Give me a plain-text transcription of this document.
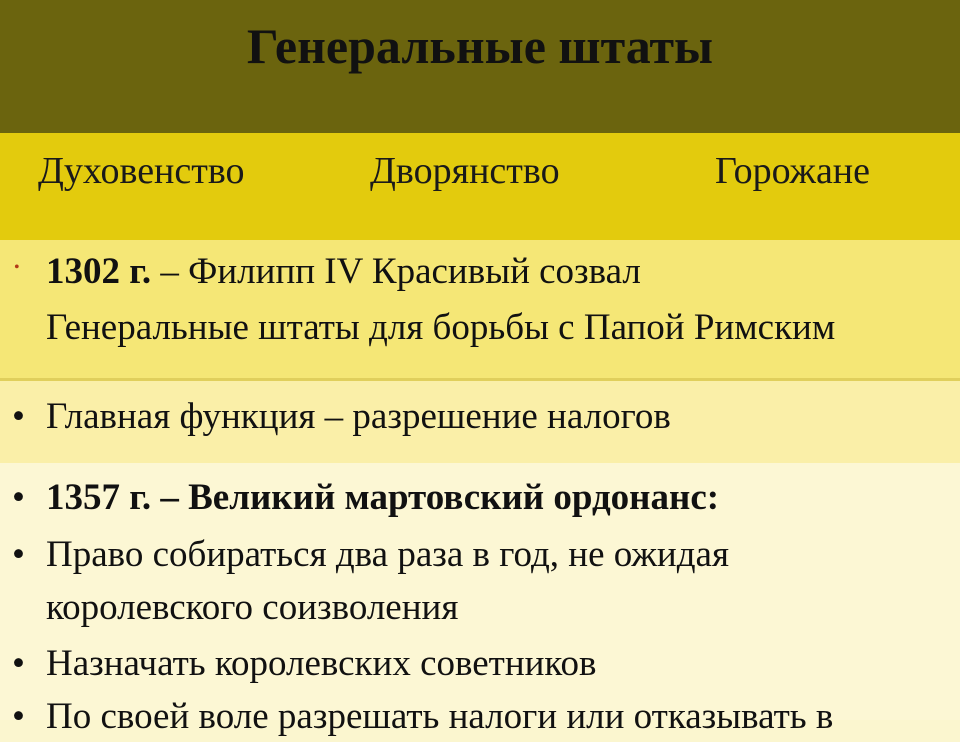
Генеральные штаты
Духовенство	Дворянство	Горожане
• 1302 г. – Филипп IV Красивый созвал
Генеральные штаты для борьбы с Папой Римским
• Главная функция – разрешение налогов
• 1357 г. – Великий мартовский ордонанс:
• Право собираться два раза в год, не ожидая
королевского соизволения
• Назначать королевских советников
• По своей воле разрешать налоги или отказывать в
